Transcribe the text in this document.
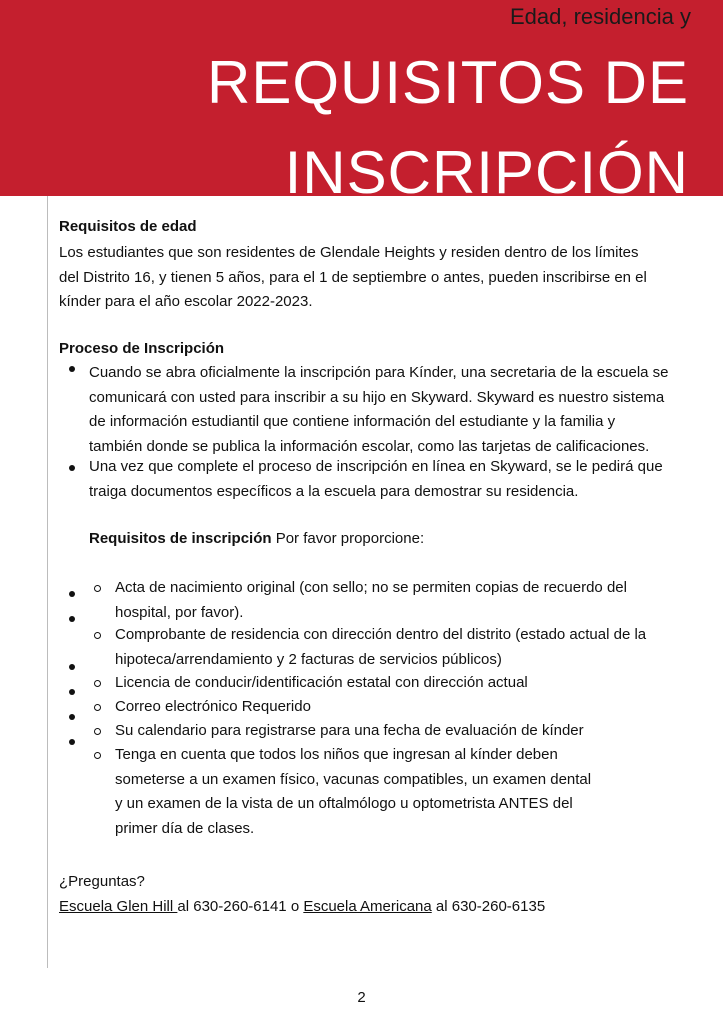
Edad, residencia y
REQUISITOS DE
INSCRIPCIÓN
Requisitos de edad
Los estudiantes que son residentes de Glendale Heights y residen dentro de los límites
del Distrito 16, y tienen 5 años, para el 1 de septiembre o antes, pueden inscribirse en el
kínder para el año escolar 2022-2023.
Proceso de Inscripción
Cuando se abra oficialmente la inscripción para Kínder, una secretaria de la escuela se
comunicará con usted para inscribir a su hijo en Skyward. Skyward es nuestro sistema
de información estudiantil que contiene información del estudiante y la familia y
también donde se publica la información escolar, como las tarjetas de calificaciones.
Una vez que complete el proceso de inscripción en línea en Skyward, se le pedirá que
traiga documentos específicos a la escuela para demostrar su residencia.
Requisitos de inscripción Por favor proporcione:
Acta de nacimiento original (con sello; no se permiten copias de recuerdo del
hospital, por favor).
Comprobante de residencia con dirección dentro del distrito (estado actual de la
hipoteca/arrendamiento y 2 facturas de servicios públicos)
Licencia de conducir/identificación estatal con dirección actual
Correo electrónico Requerido
Su calendario para registrarse para una fecha de evaluación de kínder
Tenga en cuenta que todos los niños que ingresan al kínder deben
someterse a un examen físico, vacunas compatibles, un examen dental
y un examen de la vista de un oftalmólogo u optometrista ANTES del
primer día de clases.
¿Preguntas?
Escuela Glen Hill al 630-260-6141 o Escuela Americana al 630-260-6135
2
